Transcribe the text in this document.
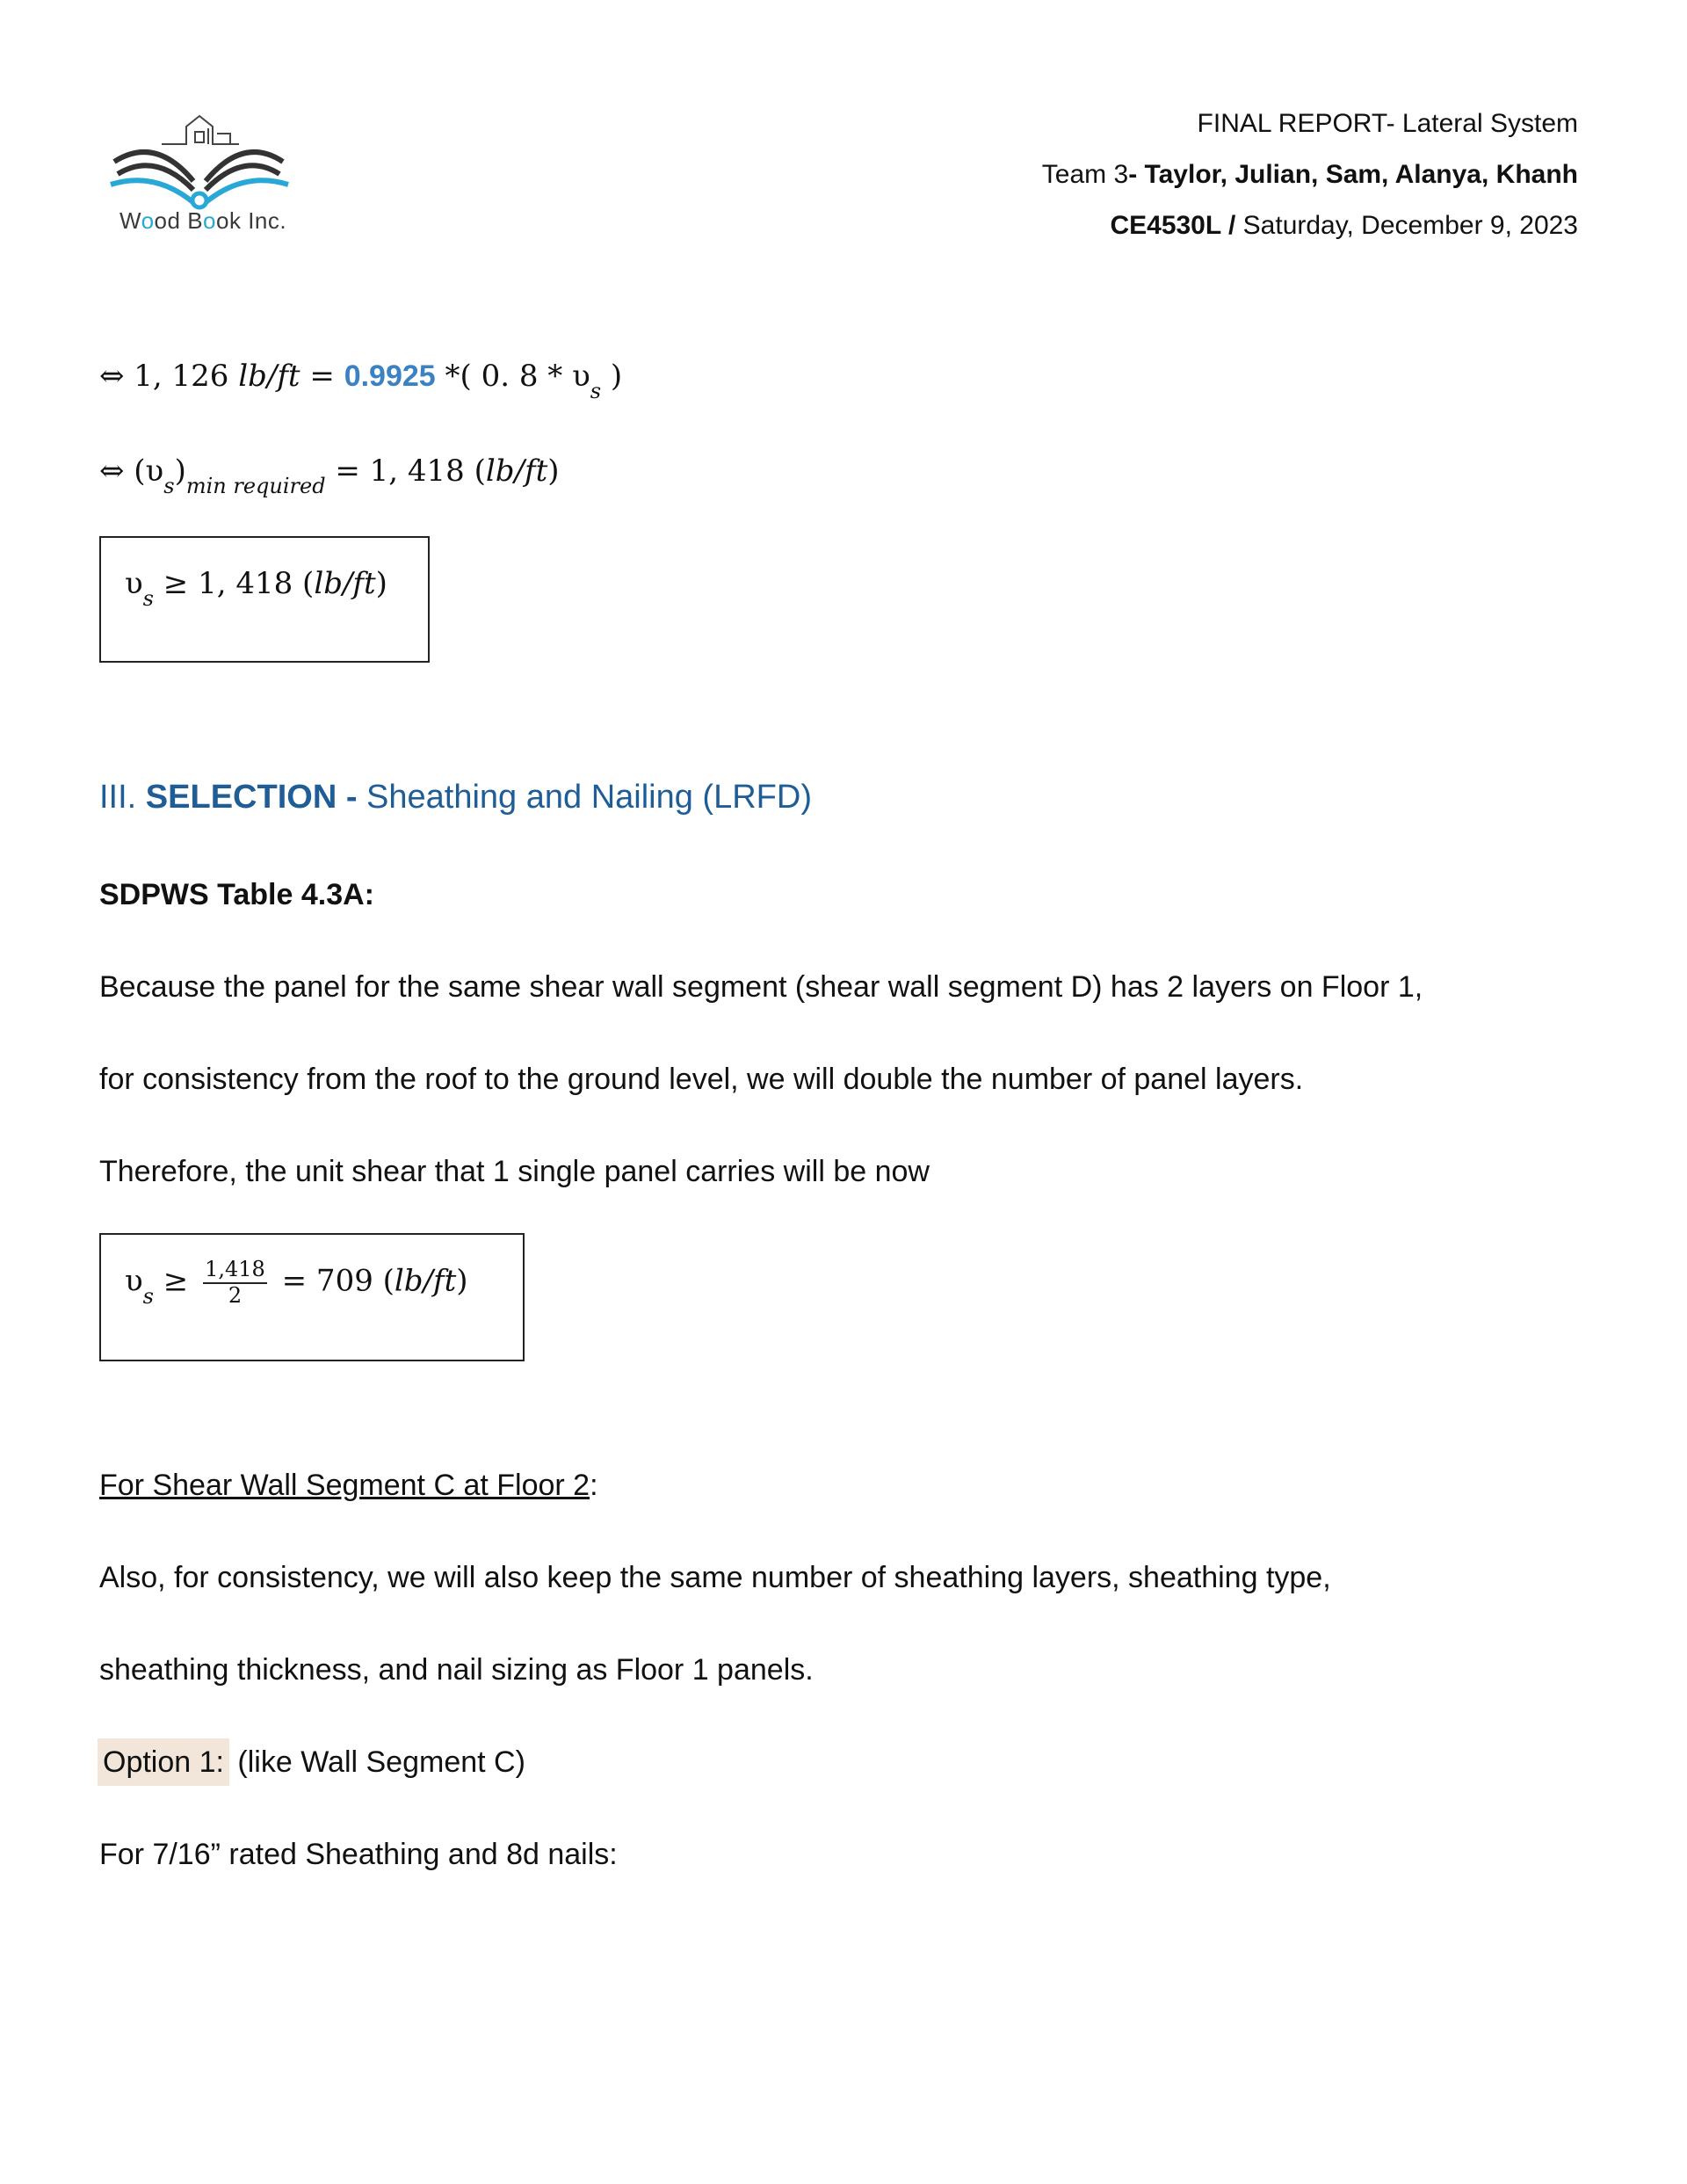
Wood Book Inc.
FINAL REPORT- Lateral System
Team 3- Taylor, Julian, Sam, Alanya, Khanh
CE4530L / Saturday, December 9, 2023
⇔ 1, 126 lb/ft = 0.9925 *( 0. $8 * \upsilon_s$ )
⇔ $(\upsilon_s)_{min required} = 1$, 418 (lb/ft)
$\upsilon_s \ge 1$, 418 (lb/ft)
III. SELECTION - Sheathing and Nailing (LRFD)
SDPWS Table 4.3A:
Because the panel for the same shear wall segment (shear wall segment D) has 2 layers on Floor 1,
for consistency from the roof to the ground level, we will double the number of panel layers.
Therefore, the unit shear that 1 single panel carries will be now
$\upsilon_s \ge \frac{1,418}{2} = 709$ (lb/ft)
For Shear Wall Segment C at Floor 2:
Also, for consistency, we will also keep the same number of sheathing layers, sheathing type,
sheathing thickness, and nail sizing as Floor 1 panels.
Option 1: (like Wall Segment C)
For 7/16” rated Sheathing and 8d nails:
